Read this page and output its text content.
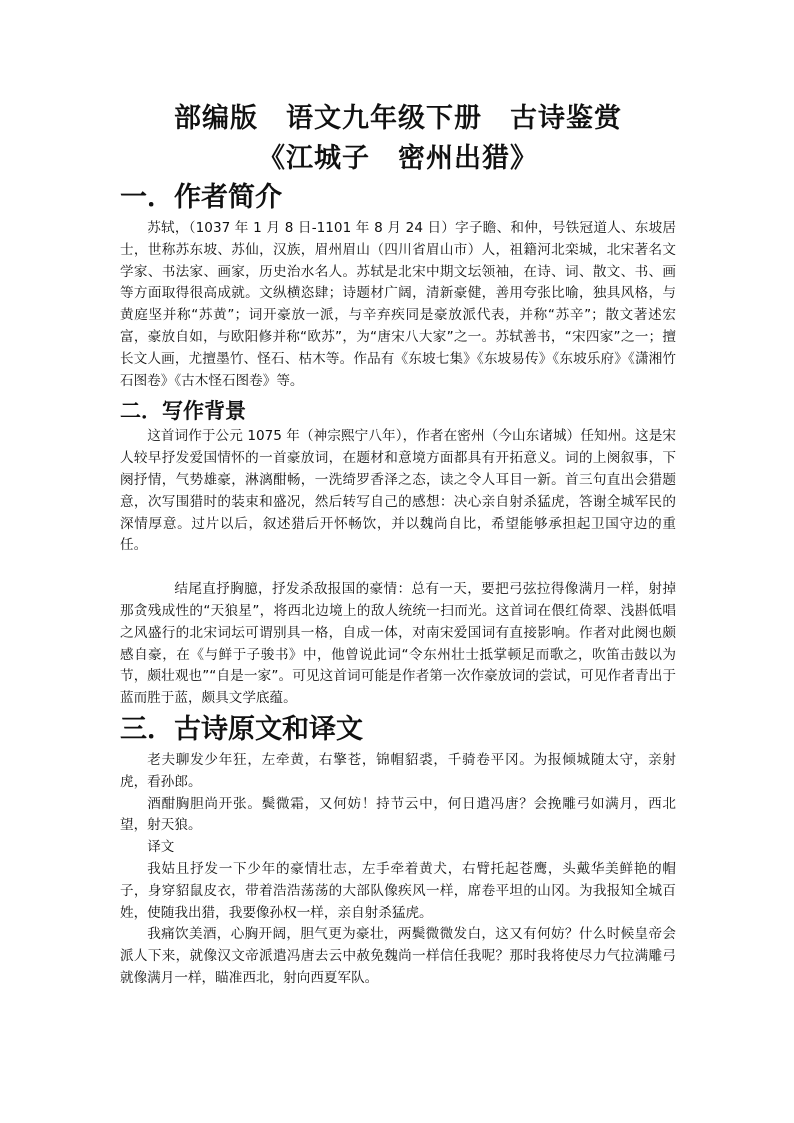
部编版　语文九年级下册　古诗鉴赏
《江城子　密州出猎》
一．作者简介

苏轼，（1037 年 1 月 8 日-1101 年 8 月 24 日）字子瞻、和仲，号铁冠道人、东坡居士，世称苏东坡、苏仙，汉族，眉州眉山（四川省眉山市）人，祖籍河北栾城，北宋著名文学家、书法家、画家，历史治水名人。苏轼是北宋中期文坛领袖，在诗、词、散文、书、画等方面取得很高成就。文纵横恣肆；诗题材广阔，清新豪健，善用夸张比喻，独具风格，与黄庭坚并称“苏黄”；词开豪放一派，与辛弃疾同是豪放派代表，并称“苏辛”；散文著述宏富，豪放自如，与欧阳修并称“欧苏”，为“唐宋八大家”之一。苏轼善书，“宋四家”之一；擅长文人画，尤擅墨竹、怪石、枯木等。作品有《东坡七集》《东坡易传》《东坡乐府》《潇湘竹石图卷》《古木怪石图卷》等。

二．写作背景

这首词作于公元 1075 年（神宗熙宁八年），作者在密州（今山东诸城）任知州。这是宋人较早抒发爱国情怀的一首豪放词，在题材和意境方面都具有开拓意义。词的上阕叙事，下阕抒情，气势雄豪，淋漓酣畅，一洗绮罗香泽之态，读之令人耳目一新。首三句直出会猎题意，次写围猎时的装束和盛况，然后转写自己的感想：决心亲自射杀猛虎，答谢全城军民的深情厚意。过片以后，叙述猎后开怀畅饮，并以魏尚自比，希望能够承担起卫国守边的重任。

结尾直抒胸臆，抒发杀敌报国的豪情：总有一天，要把弓弦拉得像满月一样，射掉那贪残成性的“天狼星”，将西北边境上的敌人统统一扫而光。这首词在偎红倚翠、浅斟低唱之风盛行的北宋词坛可谓别具一格，自成一体，对南宋爱国词有直接影响。作者对此阕也颇感自豪，在《与鲜于子骏书》中，他曾说此词“令东州壮士抵掌顿足而歌之，吹笛击鼓以为节，颇壮观也”“自是一家”。可见这首词可能是作者第一次作豪放词的尝试，可见作者青出于蓝而胜于蓝，颇具文学底蕴。

三．古诗原文和译文

老夫聊发少年狂，左牵黄，右擎苍，锦帽貂裘，千骑卷平冈。为报倾城随太守，亲射虎，看孙郎。

酒酣胸胆尚开张。鬓微霜，又何妨！持节云中，何日遣冯唐？会挽雕弓如满月，西北望，射天狼。

译文

我姑且抒发一下少年的豪情壮志，左手牵着黄犬，右臂托起苍鹰，头戴华美鲜艳的帽子，身穿貂鼠皮衣，带着浩浩荡荡的大部队像疾风一样，席卷平坦的山冈。为我报知全城百姓，使随我出猎，我要像孙权一样，亲自射杀猛虎。

我痛饮美酒，心胸开阔，胆气更为豪壮，两鬓微微发白，这又有何妨？什么时候皇帝会派人下来，就像汉文帝派遣冯唐去云中赦免魏尚一样信任我呢？那时我将使尽力气拉满雕弓就像满月一样，瞄准西北，射向西夏军队。
